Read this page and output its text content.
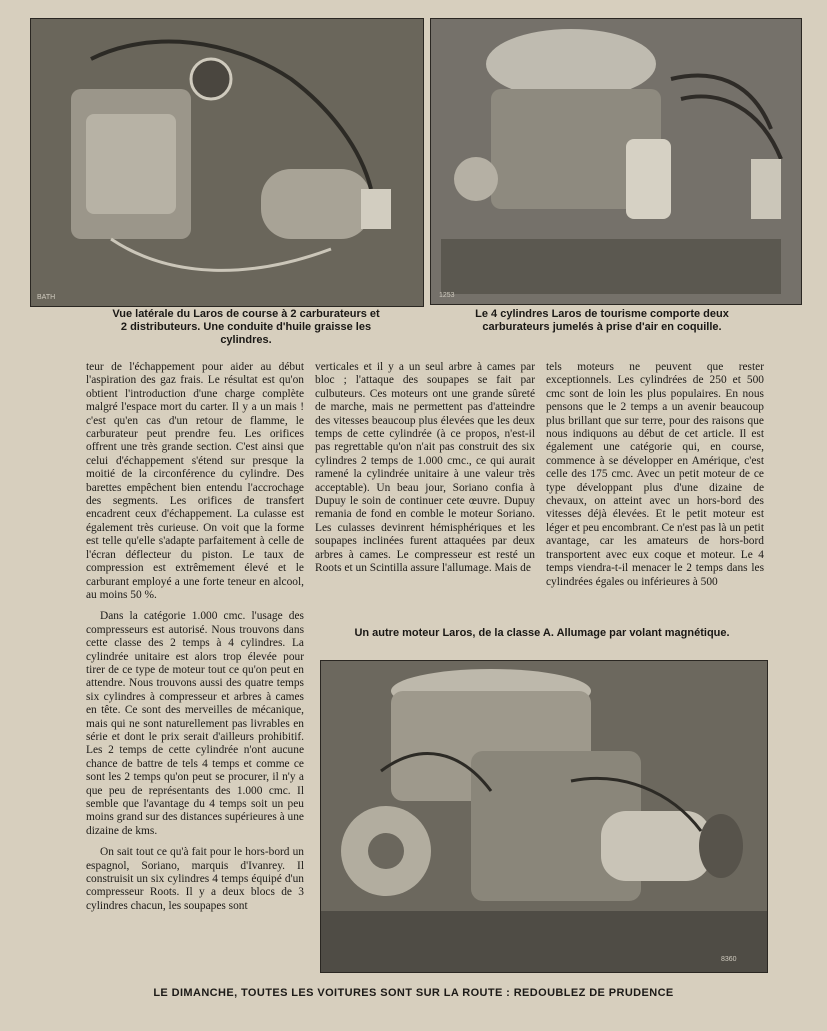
BATH	1253
Vue latérale du Laros de course à 2 carburateurs et 2 distributeurs. Une conduite d'huile graisse les cylindres.
Le 4 cylindres Laros de tourisme comporte deux carburateurs jumelés à prise d'air en coquille.

teur de l'échappement pour aider au début l'aspiration des gaz frais. Le résultat est qu'on obtient l'introduction d'une charge complète malgré l'espace mort du carter. Il y a un mais ! c'est qu'en cas d'un retour de flamme, le carburateur peut prendre feu. Les orifices offrent une très grande section. C'est ainsi que celui d'échappement s'étend sur presque la moitié de la circonférence du cylindre. Des barettes empêchent bien entendu l'accrochage des segments. Les orifices de transfert encadrent ceux d'échappement. La culasse est également très curieuse. On voit que la forme est telle qu'elle s'adapte parfaitement à celle de l'écran déflecteur du piston. Le taux de compression est extrêmement élevé et le carburant employé a une forte teneur en alcool, au moins 50 %.

Dans la catégorie 1.000 cmc. l'usage des compresseurs est autorisé. Nous trouvons dans cette classe des 2 temps à 4 cylindres. La cylindrée unitaire est alors trop élevée pour tirer de ce type de moteur tout ce qu'on peut en attendre. Nous trouvons aussi des quatre temps six cylindres à compresseur et arbres à cames en tête. Ce sont des merveilles de mécanique, mais qui ne sont naturellement pas livrables en série et dont le prix serait d'ailleurs prohibitif. Les 2 temps de cette cylindrée n'ont aucune chance de battre de tels 4 temps et comme ce sont les 2 temps qu'on peut se procurer, il n'y a que peu de représentants des 1.000 cmc. Il semble que l'avantage du 4 temps soit un peu moins grand sur des distances supérieures à une dizaine de kms.

On sait tout ce qu'à fait pour le hors-bord un espagnol, Soriano, marquis d'Ivanrey. Il construisit un six cylindres 4 temps équipé d'un compresseur Roots. Il y a deux blocs de 3 cylindres chacun, les soupapes sont

verticales et il y a un seul arbre à cames par bloc ; l'attaque des soupapes se fait par culbuteurs. Ces moteurs ont une grande sûreté de marche, mais ne permettent pas d'atteindre des vitesses beaucoup plus élevées que les deux temps de cette cylindrée (à ce propos, n'est-il pas regrettable qu'on n'ait pas construit des six cylindres 2 temps de 1.000 cmc., ce qui aurait ramené la cylindrée unitaire à une valeur très acceptable). Un beau jour, Soriano confia à Dupuy le soin de continuer cete œuvre. Dupuy remania de fond en comble le moteur Soriano. Les culasses devinrent hémisphériques et les soupapes inclinées furent attaquées par deux arbres à cames. Le compresseur est resté un Roots et un Scintilla assure l'allumage. Mais de

tels moteurs ne peuvent que rester exceptionnels. Les cylindrées de 250 et 500 cmc sont de loin les plus populaires. En nous pensons que le 2 temps a un avenir beaucoup plus brillant que sur terre, pour des raisons que nous indiquons au début de cet article. Il est également une catégorie qui, en course, commence à se développer en Amérique, c'est celle des 175 cmc. Avec un petit moteur de ce type développant plus d'une dizaine de chevaux, on atteint avec un hors-bord des vitesses déjà élevées. Et le petit moteur est léger et peu encombrant. Ce n'est pas là un petit avantage, car les amateurs de hors-bord transportent avec eux coque et moteur. Le 4 temps viendra-t-il menacer le 2 temps dans les cylindrées égales ou inférieures à 500

Un autre moteur Laros, de la classe A. Allumage par volant magnétique.
8360
LE DIMANCHE, TOUTES LES VOITURES SONT SUR LA ROUTE : REDOUBLEZ DE PRUDENCE
